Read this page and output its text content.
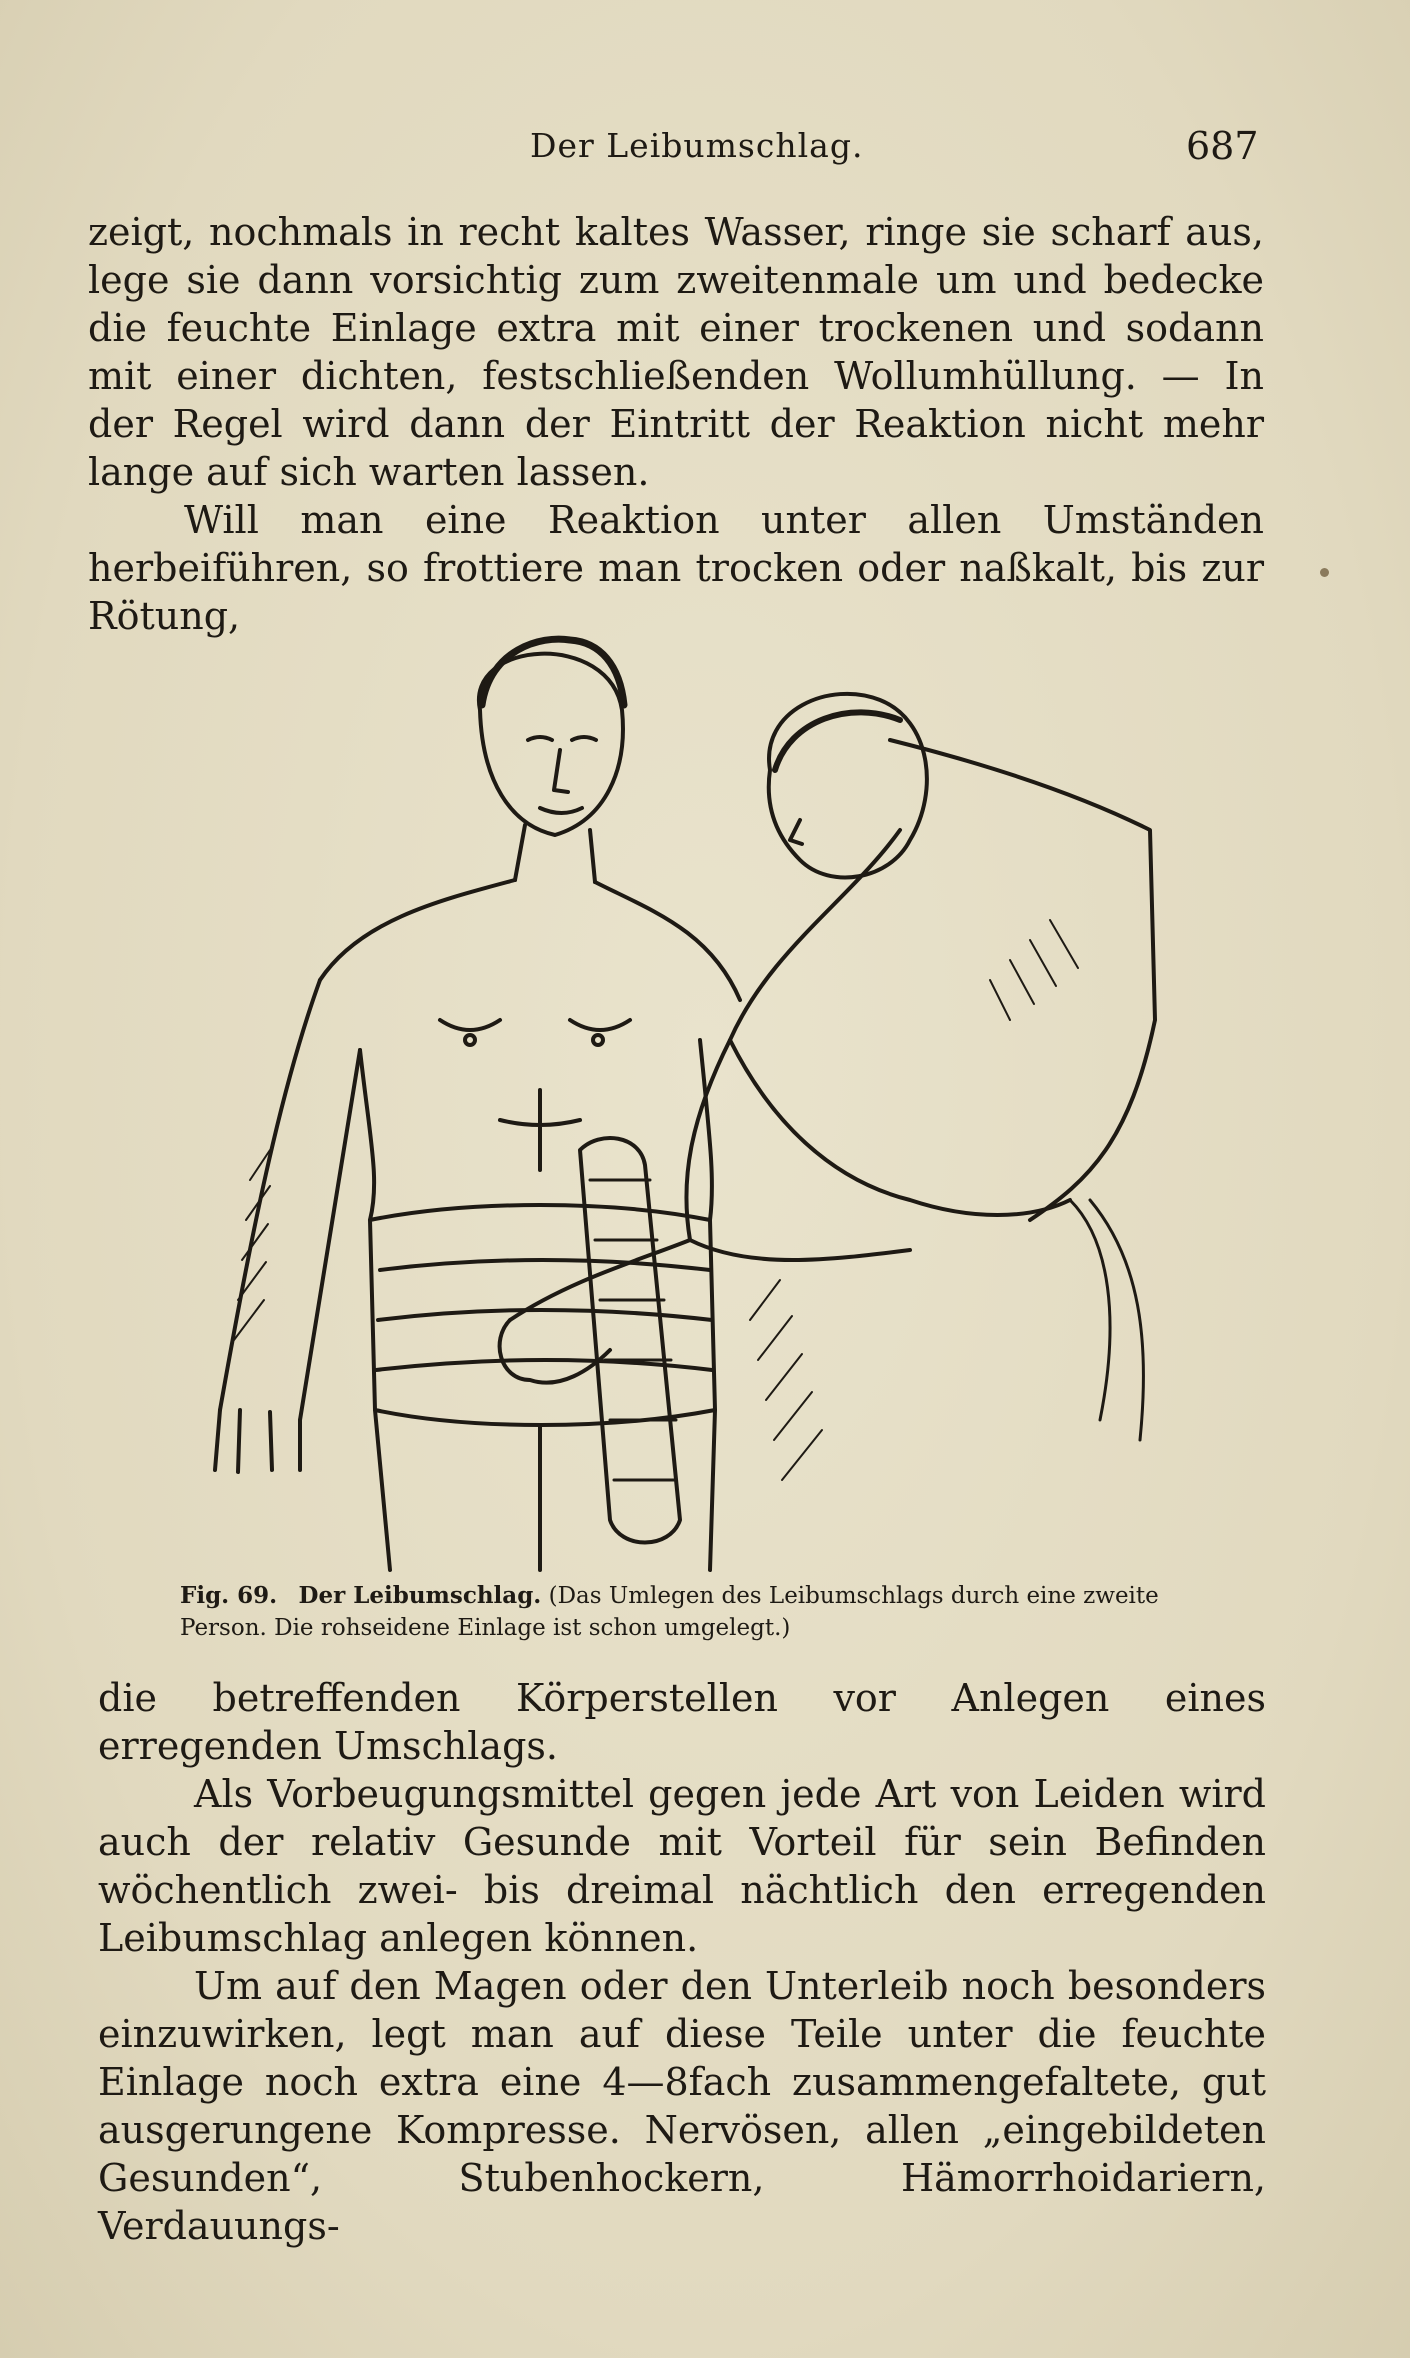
Der Leibumschlag.	687

zeigt, nochmals in recht kaltes Wasser, ringe sie scharf aus, lege sie dann vorsichtig zum zweitenmale um und bedecke die feuchte Einlage extra mit einer trockenen und sodann mit einer dichten, festschließenden Wollumhüllung. — In der Regel wird dann der Eintritt der Reaktion nicht mehr lange auf sich warten lassen.

Will man eine Reaktion unter allen Umständen herbeiführen, so frottiere man trocken oder naßkalt, bis zur Rötung,

Fig. 69. Der Leibumschlag. (Das Umlegen des Leibumschlags durch eine zweite Person. Die rohseidene Einlage ist schon umgelegt.)

die betreffenden Körperstellen vor Anlegen eines erregenden Umschlags.

Als Vorbeugungsmittel gegen jede Art von Leiden wird auch der relativ Gesunde mit Vorteil für sein Befinden wöchentlich zwei- bis dreimal nächtlich den erregenden Leibumschlag anlegen können.

Um auf den Magen oder den Unterleib noch besonders einzuwirken, legt man auf diese Teile unter die feuchte Einlage noch extra eine 4—8fach zusammengefaltete, gut ausgerungene Kompresse. Nervösen, allen „eingebildeten Gesunden“, Stubenhockern, Hämorrhoidariern, Verdauungs-
